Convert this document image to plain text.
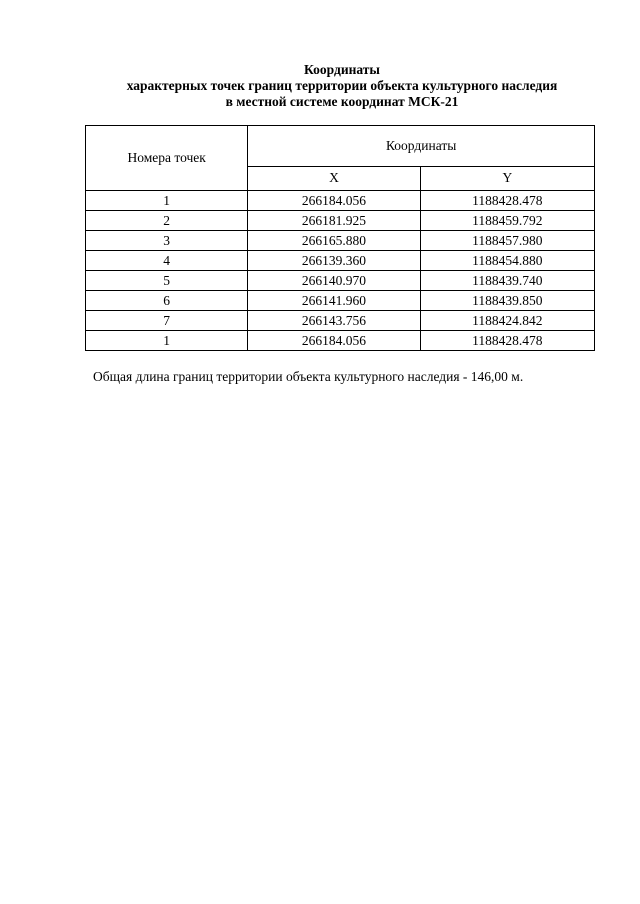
Координаты
характерных точек границ территории объекта культурного наследия
в местной системе координат МСК-21
Номера точек	Координаты	
	X	Y
1	266184.056	1188428.478
2	266181.925	1188459.792
3	266165.880	1188457.980
4	266139.360	1188454.880
5	266140.970	1188439.740
6	266141.960	1188439.850
7	266143.756	1188424.842
1	266184.056	1188428.478
Общая длина границ территории объекта культурного наследия - 146,00 м.
